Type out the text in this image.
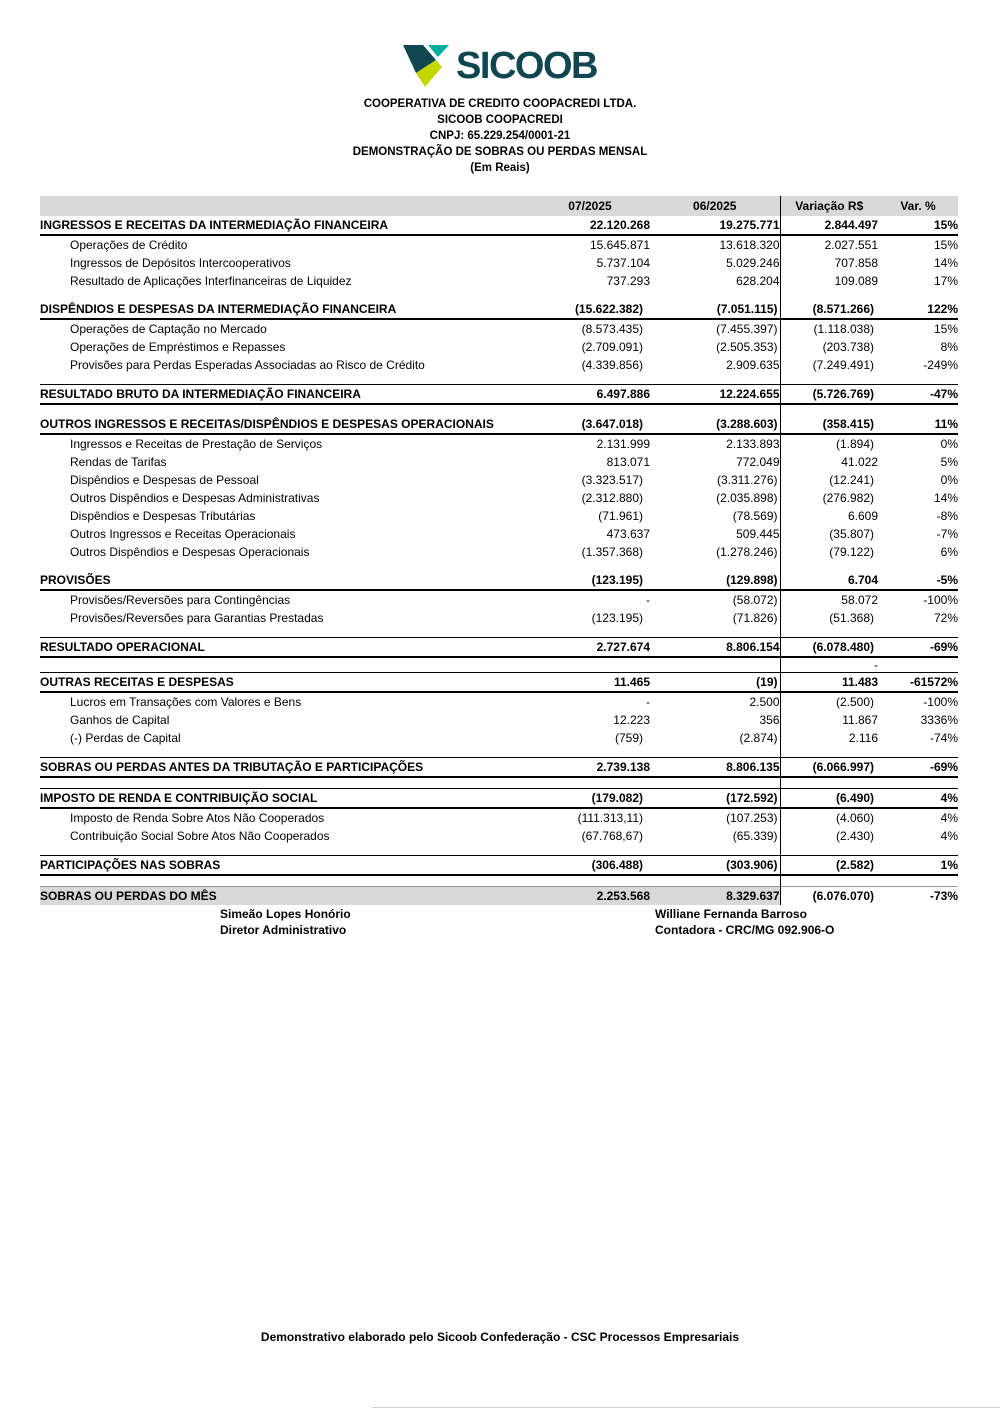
SICOOB
COOPERATIVA DE CREDITO COOPACREDI LTDA.
SICOOB COOPACREDI
CNPJ: 65.229.254/0001-21
DEMONSTRAÇÃO DE SOBRAS OU PERDAS MENSAL
(Em Reais)
	07/2025	06/2025	Variação R$	Var. %
INGRESSOS E RECEITAS DA INTERMEDIAÇÃO FINANCEIRA	22.120.268	19.275.771	2.844.497	15%
Operações de Crédito	15.645.871	13.618.320	2.027.551	15%
Ingressos de Depósitos Intercooperativos	5.737.104	5.029.246	707.858	14%
Resultado de Aplicações Interfinanceiras de Liquidez	737.293	628.204	109.089	17%

DISPÊNDIOS E DESPESAS DA INTERMEDIAÇÃO FINANCEIRA	(15.622.382)	(7.051.115)	(8.571.266)	122%
Operações de Captação no Mercado	(8.573.435)	(7.455.397)	(1.118.038)	15%
Operações de Empréstimos e Repasses	(2.709.091)	(2.505.353)	(203.738)	8%
Provisões para Perdas Esperadas Associadas ao Risco de Crédito	(4.339.856)	2.909.635	(7.249.491)	-249%

RESULTADO BRUTO DA INTERMEDIAÇÃO FINANCEIRA	6.497.886	12.224.655	(5.726.769)	-47%

OUTROS INGRESSOS E RECEITAS/DISPÊNDIOS E DESPESAS OPERACIONAIS	(3.647.018)	(3.288.603)	(358.415)	11%
Ingressos e Receitas de Prestação de Serviços	2.131.999	2.133.893	(1.894)	0%
Rendas de Tarifas	813.071	772.049	41.022	5%
Dispêndios e Despesas de Pessoal	(3.323.517)	(3.311.276)	(12.241)	0%
Outros Dispêndios e Despesas Administrativas	(2.312.880)	(2.035.898)	(276.982)	14%
Dispêndios e Despesas Tributárias	(71.961)	(78.569)	6.609	-8%
Outros Ingressos e Receitas Operacionais	473.637	509.445	(35.807)	-7%
Outros Dispêndios e Despesas Operacionais	(1.357.368)	(1.278.246)	(79.122)	6%

PROVISÕES	(123.195)	(129.898)	6.704	-5%
Provisões/Reversões para Contingências	-	(58.072)	58.072	-100%
Provisões/Reversões para Garantias Prestadas	(123.195)	(71.826)	(51.368)	72%

RESULTADO OPERACIONAL	2.727.674	8.806.154	(6.078.480)	-69%
			-	
OUTRAS RECEITAS E DESPESAS	11.465	(19)	11.483	-61572%
Lucros em Transações com Valores e Bens	-	2.500	(2.500)	-100%
Ganhos de Capital	12.223	356	11.867	3336%
(-) Perdas de Capital	(759)	(2.874)	2.116	-74%

SOBRAS OU PERDAS ANTES DA TRIBUTAÇÃO E PARTICIPAÇÕES	2.739.138	8.806.135	(6.066.997)	-69%

IMPOSTO DE RENDA E CONTRIBUIÇÃO SOCIAL	(179.082)	(172.592)	(6.490)	4%
Imposto de Renda Sobre Atos Não Cooperados	(111.313,11)	(107.253)	(4.060)	4%
Contribuição Social Sobre Atos Não Cooperados	(67.768,67)	(65.339)	(2.430)	4%

PARTICIPAÇÕES NAS SOBRAS	(306.488)	(303.906)	(2.582)	1%

SOBRAS OU PERDAS DO MÊS	2.253.568	8.329.637	(6.076.070)	-73%
Simeão Lopes Honório
Diretor Administrativo
Williane Fernanda Barroso
Contadora - CRC/MG 092.906-O
Demonstrativo elaborado pelo Sicoob Confederação - CSC Processos Empresariais
